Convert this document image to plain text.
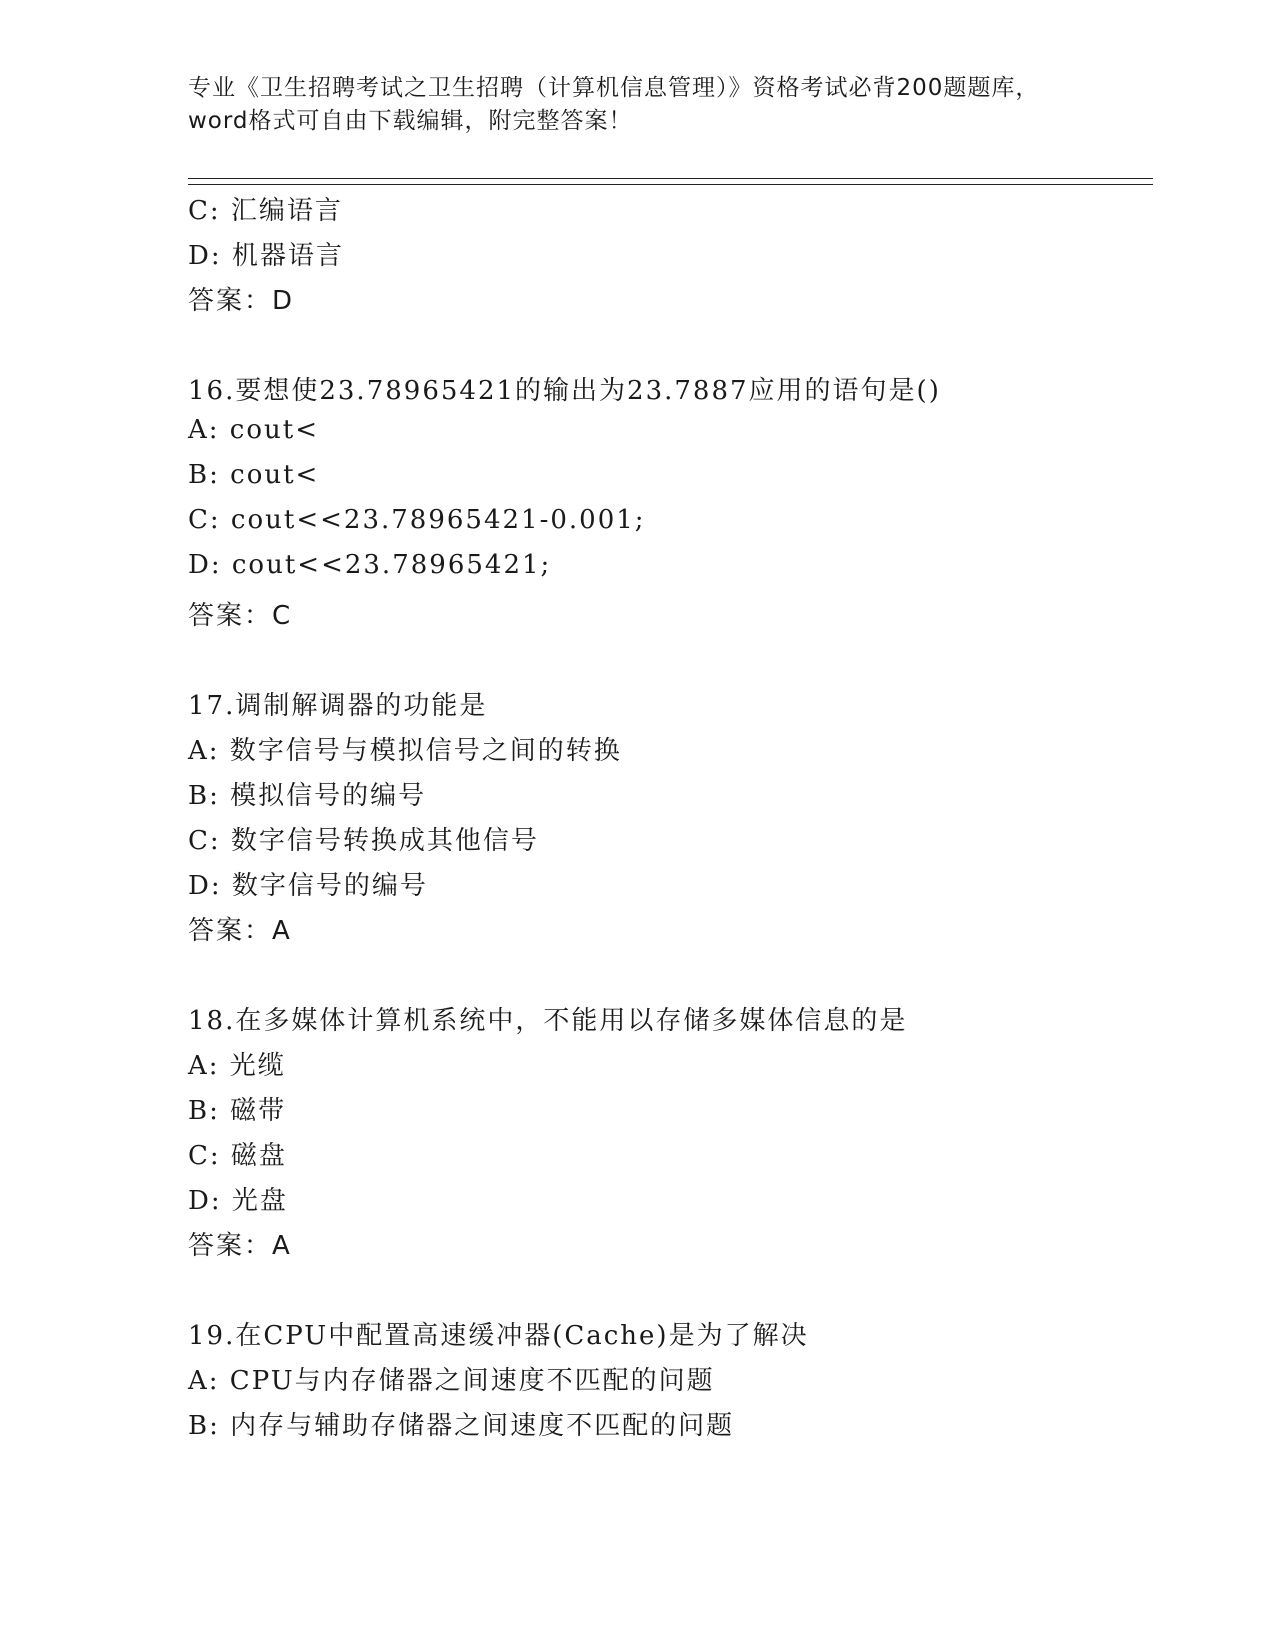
专业《卫生招聘考试之卫生招聘（计算机信息管理）》资格考试必背200题题库，
word格式可自由下载编辑，附完整答案！
C: 汇编语言
D: 机器语言
答案：D
16.要想使23.78965421的输出为23.7887应用的语句是()
A: cout<
B: cout<
C: cout<<23.78965421-0.001;
D: cout<<23.78965421;
答案：C
17.调制解调器的功能是
A: 数字信号与模拟信号之间的转换
B: 模拟信号的编号
C: 数字信号转换成其他信号
D: 数字信号的编号
答案：A
18.在多媒体计算机系统中，不能用以存储多媒体信息的是
A: 光缆
B: 磁带
C: 磁盘
D: 光盘
答案：A
19.在CPU中配置高速缓冲器(Cache)是为了解决
A: CPU与内存储器之间速度不匹配的问题
B: 内存与辅助存储器之间速度不匹配的问题
